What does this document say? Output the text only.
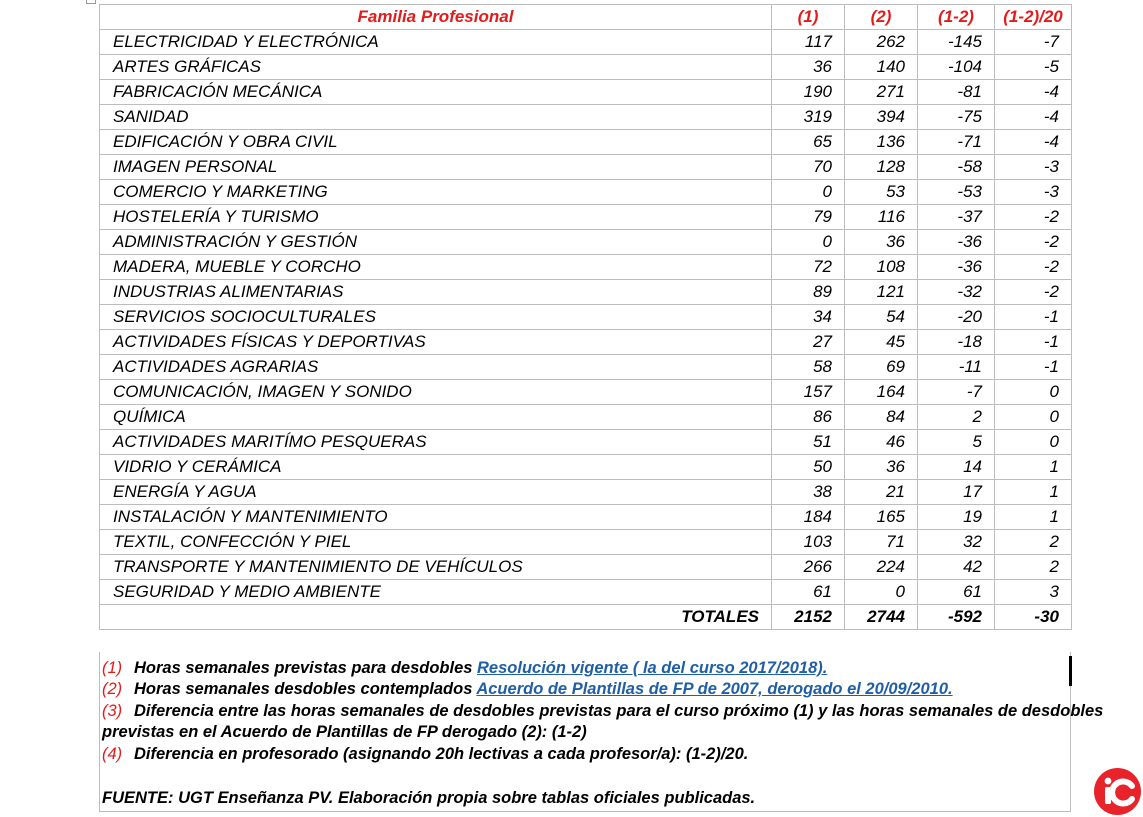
Familia Profesional	(1)	(2)	(1-2)	(1-2)/20
ELECTRICIDAD Y ELECTRÓNICA	117	262	-145	-7
ARTES GRÁFICAS	36	140	-104	-5
FABRICACIÓN MECÁNICA	190	271	-81	-4
SANIDAD	319	394	-75	-4
EDIFICACIÓN Y OBRA CIVIL	65	136	-71	-4
IMAGEN PERSONAL	70	128	-58	-3
COMERCIO Y MARKETING	0	53	-53	-3
HOSTELERÍA Y TURISMO	79	116	-37	-2
ADMINISTRACIÓN Y GESTIÓN	0	36	-36	-2
MADERA, MUEBLE Y CORCHO	72	108	-36	-2
INDUSTRIAS ALIMENTARIAS	89	121	-32	-2
SERVICIOS SOCIOCULTURALES	34	54	-20	-1
ACTIVIDADES FÍSICAS Y DEPORTIVAS	27	45	-18	-1
ACTIVIDADES AGRARIAS	58	69	-11	-1
COMUNICACIÓN, IMAGEN Y SONIDO	157	164	-7	0
QUÍMICA	86	84	2	0
ACTIVIDADES MARITÍMO PESQUERAS	51	46	5	0
VIDRIO Y CERÁMICA	50	36	14	1
ENERGÍA Y AGUA	38	21	17	1
INSTALACIÓN Y MANTENIMIENTO	184	165	19	1
TEXTIL, CONFECCIÓN Y PIEL	103	71	32	2
TRANSPORTE Y MANTENIMIENTO DE VEHÍCULOS	266	224	42	2
SEGURIDAD Y MEDIO AMBIENTE	61	0	61	3
TOTALES	2152	2744	-592	-30
(1) Horas semanales previstas para desdobles Resolución vigente ( la del curso 2017/2018).
(2) Horas semanales desdobles contemplados Acuerdo de Plantillas de FP de 2007, derogado el 20/09/2010.
(3) Diferencia entre las horas semanales de desdobles previstas para el curso próximo (1) y las horas semanales de desdobles
previstas en el Acuerdo de Plantillas de FP derogado (2): (1-2)
(4) Diferencia en profesorado (asignando 20h lectivas a cada profesor/a): (1-2)/20.
FUENTE: UGT Enseñanza PV. Elaboración propia sobre tablas oficiales publicadas.
